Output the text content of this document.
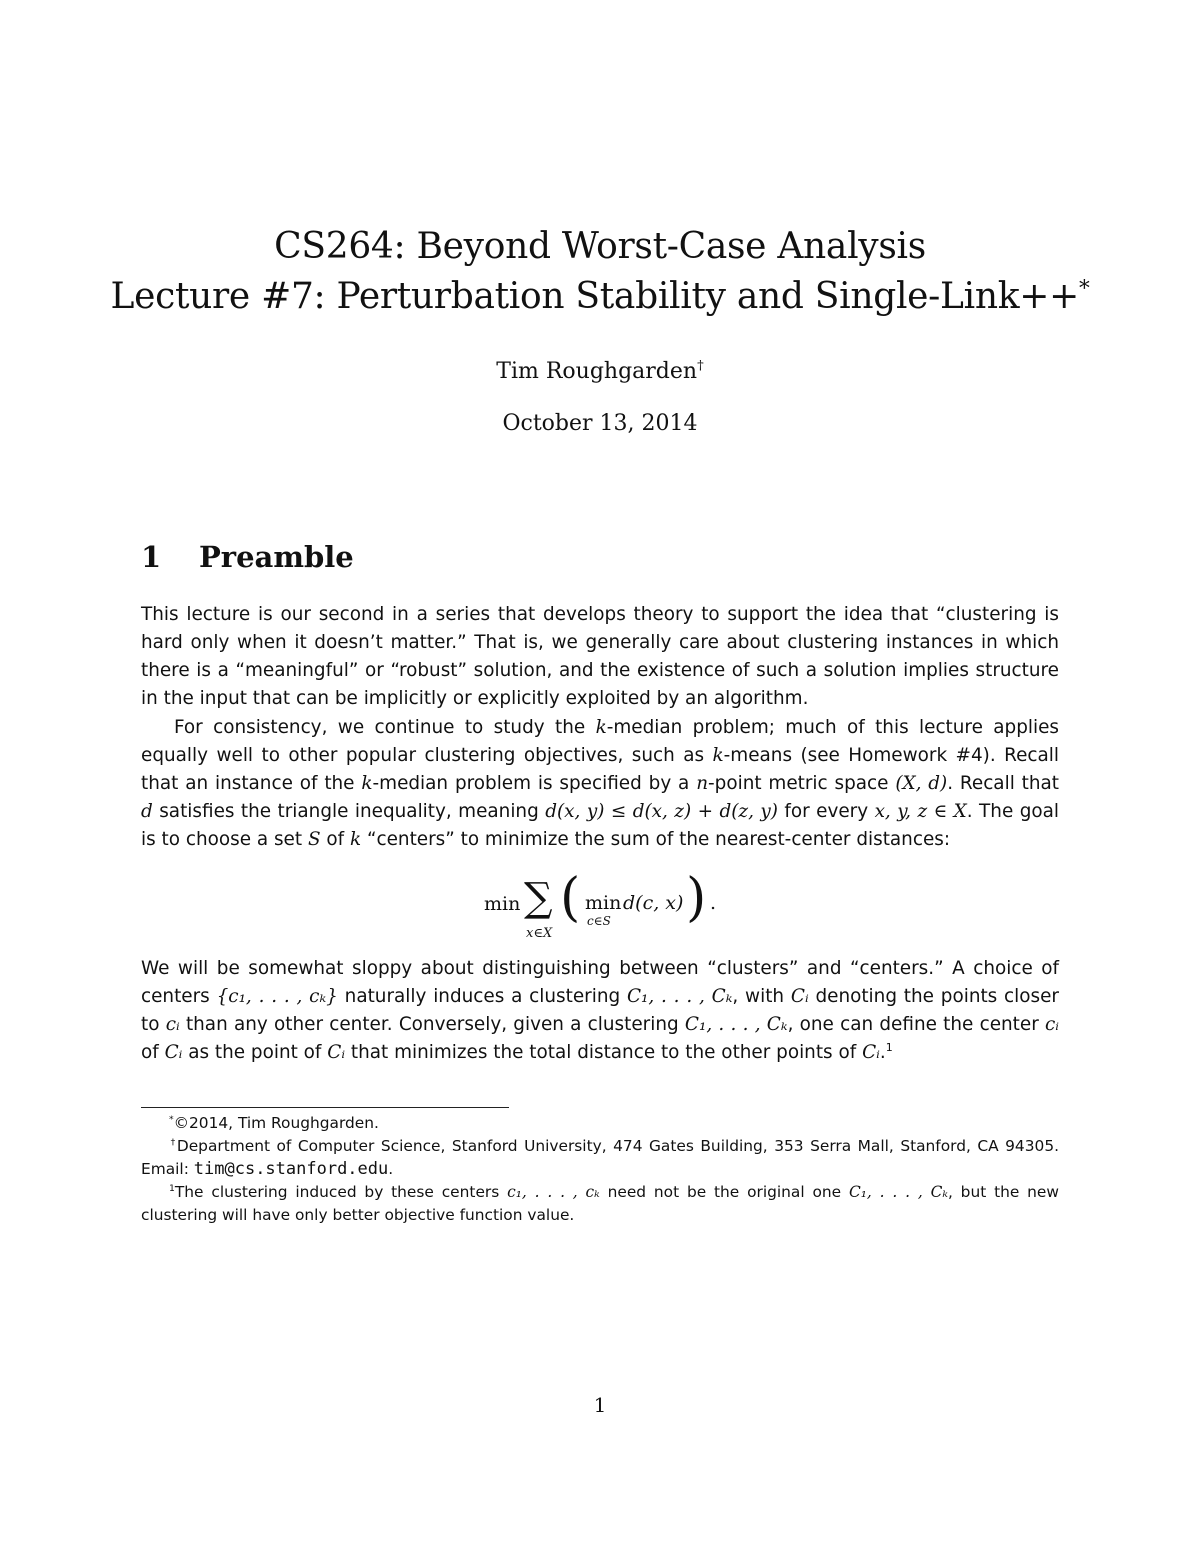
CS264: Beyond Worst-Case Analysis
Lecture #7: Perturbation Stability and Single-Link++*
Tim Roughgarden†
October 13, 2014
1 Preamble

This lecture is our second in a series that develops theory to support the idea that “clustering is hard only when it doesn’t matter.” That is, we generally care about clustering instances in which there is a “meaningful” or “robust” solution, and the existence of such a solution implies structure in the input that can be implicitly or explicitly exploited by an algorithm.

For consistency, we continue to study the k-median problem; much of this lecture applies equally well to other popular clustering objectives, such as k-means (see Homework #4). Recall that an instance of the k-median problem is specified by a n-point metric space (X, d). Recall that d satisfies the triangle inequality, meaning d(x, y) ≤ d(x, z) + d(z, y) for every x, y, z ∈ X. The goal is to choose a set S of k “centers” to minimize the sum of the nearest-center distances:

min ∑
x∈X
( min
c∈S
d(c, x) ) .

We will be somewhat sloppy about distinguishing between “clusters” and “centers.” A choice of centers {c₁, . . . , cₖ} naturally induces a clustering C₁, . . . , Cₖ, with Cᵢ denoting the points closer to cᵢ than any other center. Conversely, given a clustering C₁, . . . , Cₖ, one can define the center cᵢ of Cᵢ as the point of Cᵢ that minimizes the total distance to the other points of Cᵢ.$^1$

*©2014, Tim Roughgarden.

†Department of Computer Science, Stanford University, 474 Gates Building, 353 Serra Mall, Stanford, CA 94305. Email: tim@cs.stanford.edu.

$^1$The clustering induced by these centers c₁, . . . , cₖ need not be the original one C₁, . . . , Cₖ, but the new clustering will have only better objective function value.

1
